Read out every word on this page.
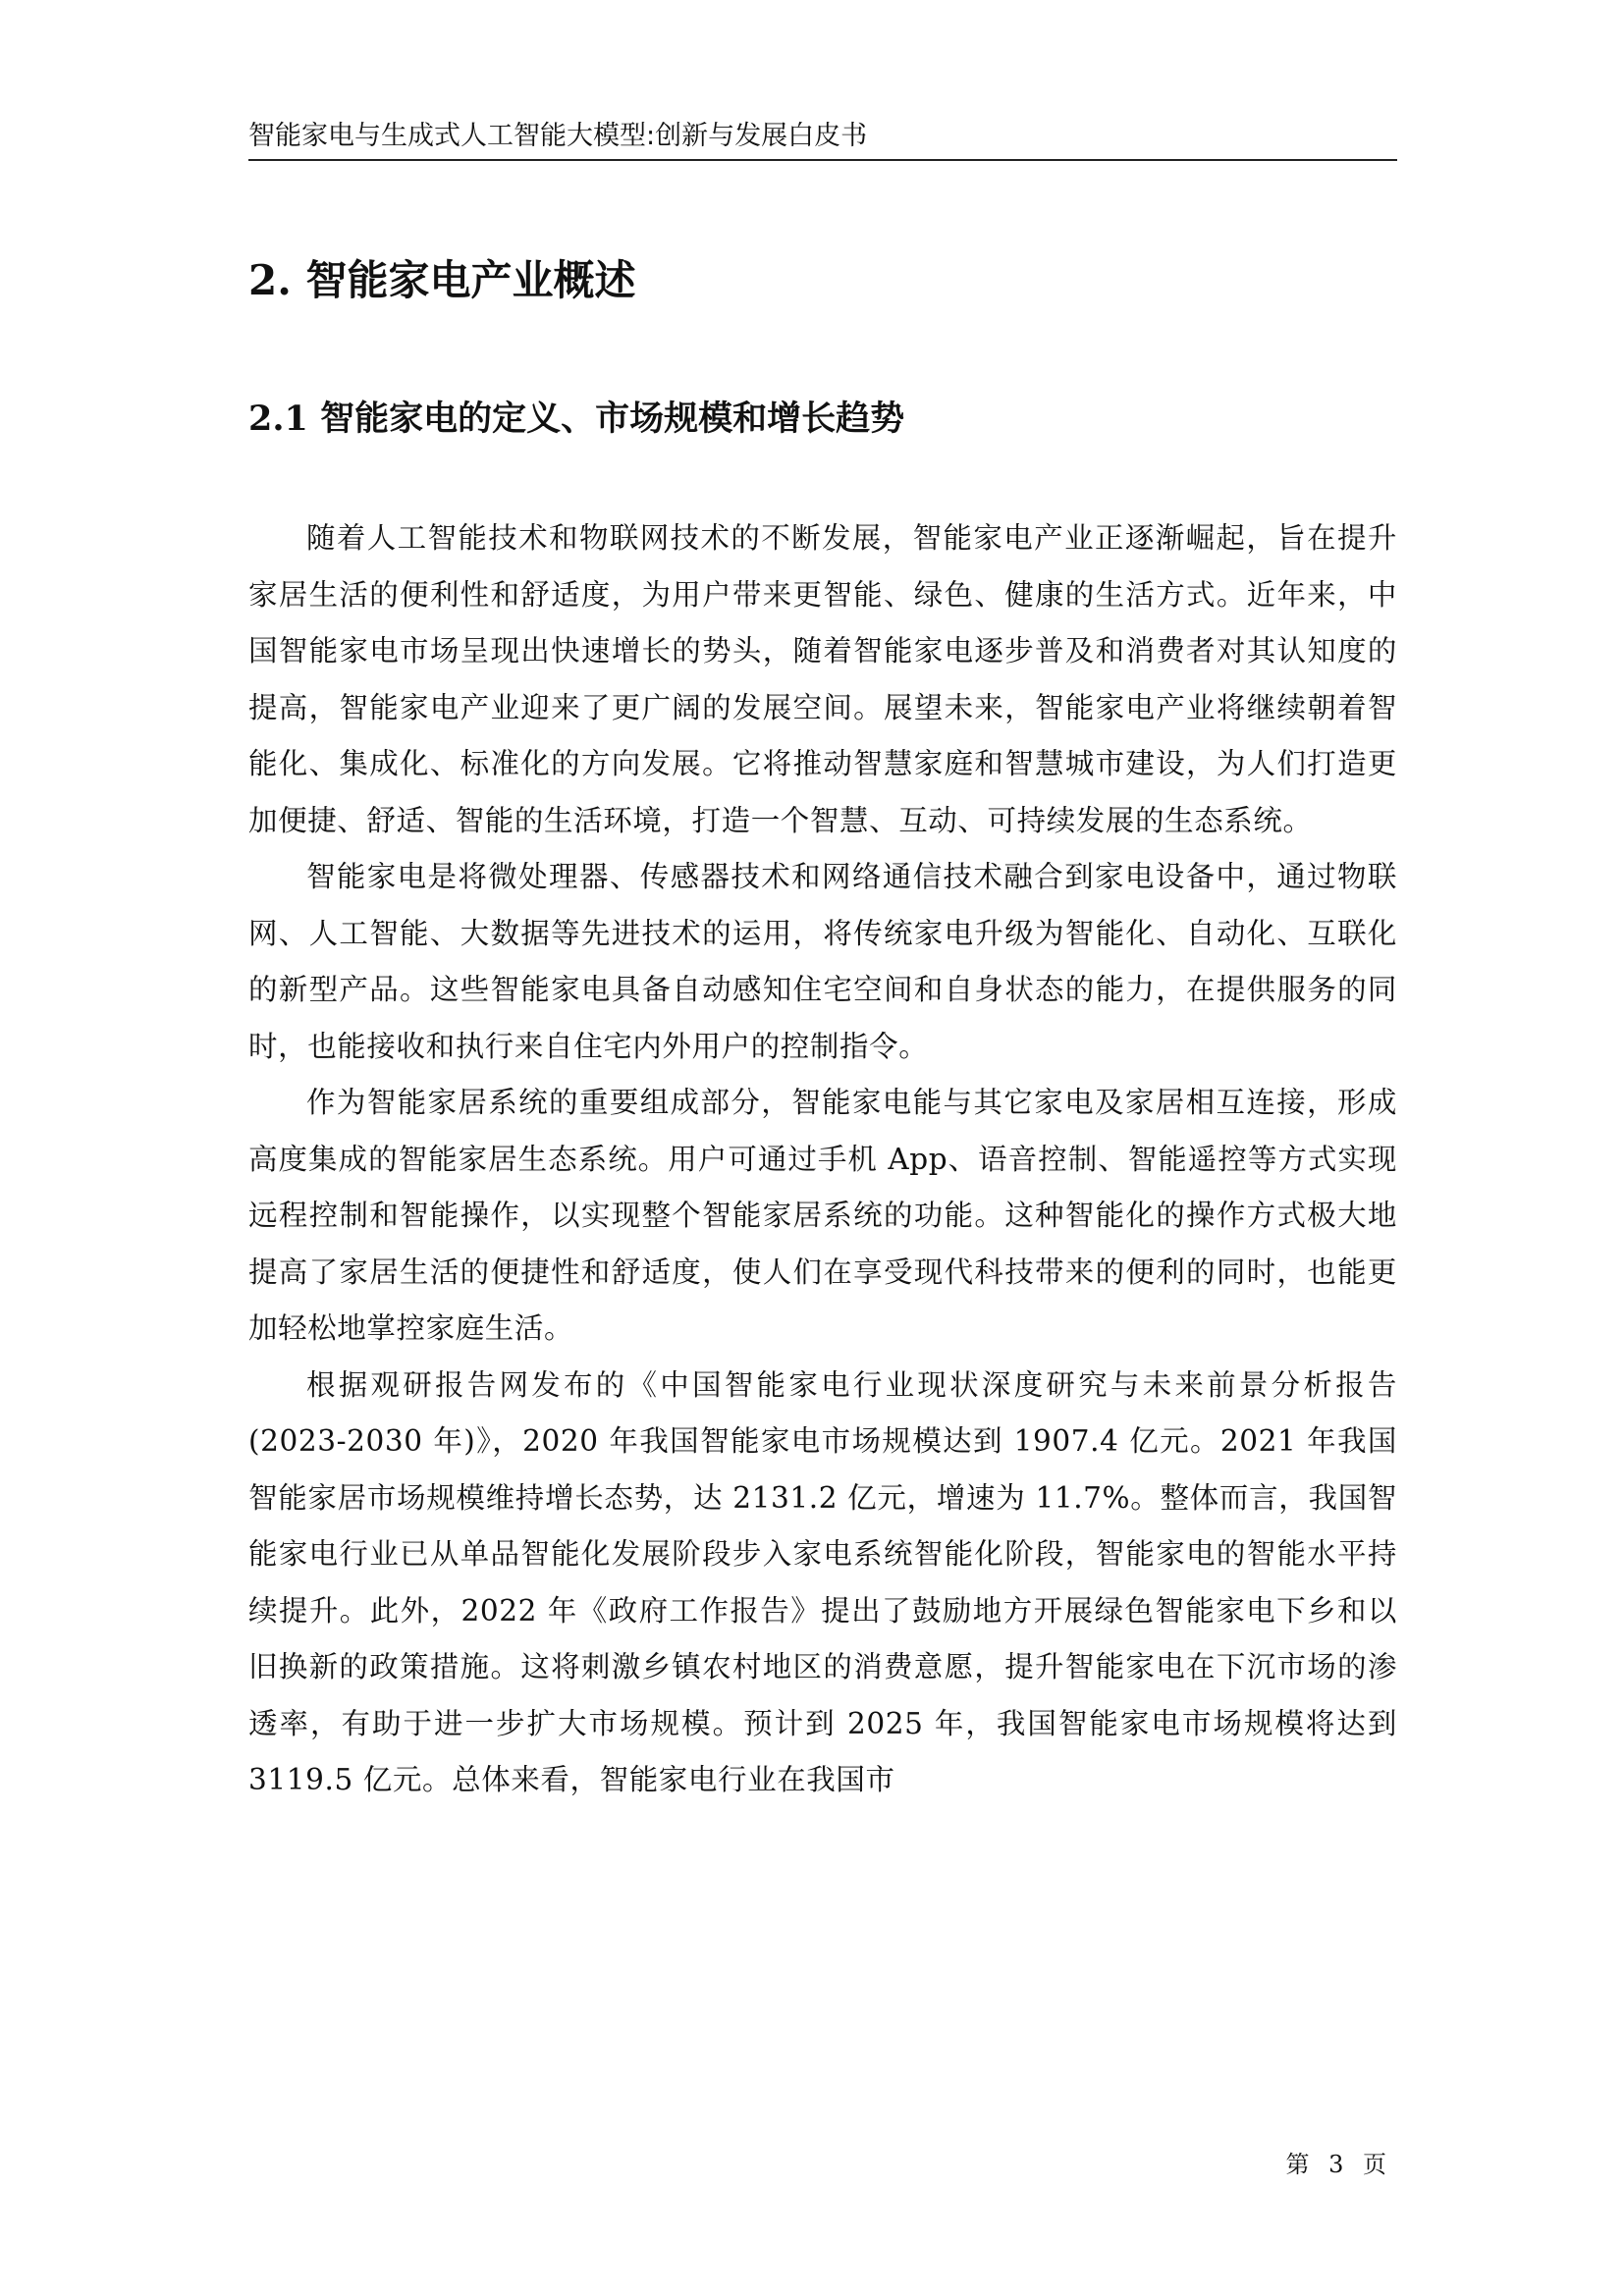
智能家电与生成式人工智能大模型:创新与发展白皮书
2. 智能家电产业概述
2.1 智能家电的定义、市场规模和增长趋势

随着人工智能技术和物联网技术的不断发展，智能家电产业正逐渐崛起，旨在提升家居生活的便利性和舒适度，为用户带来更智能、绿色、健康的生活方式。近年来，中国智能家电市场呈现出快速增长的势头，随着智能家电逐步普及和消费者对其认知度的提高，智能家电产业迎来了更广阔的发展空间。展望未来，智能家电产业将继续朝着智能化、集成化、标准化的方向发展。它将推动智慧家庭和智慧城市建设，为人们打造更加便捷、舒适、智能的生活环境，打造一个智慧、互动、可持续发展的生态系统。

智能家电是将微处理器、传感器技术和网络通信技术融合到家电设备中，通过物联网、人工智能、大数据等先进技术的运用，将传统家电升级为智能化、自动化、互联化的新型产品。这些智能家电具备自动感知住宅空间和自身状态的能力，在提供服务的同时，也能接收和执行来自住宅内外用户的控制指令。

作为智能家居系统的重要组成部分，智能家电能与其它家电及家居相互连接，形成高度集成的智能家居生态系统。用户可通过手机 App、语音控制、智能遥控等方式实现远程控制和智能操作，以实现整个智能家居系统的功能。这种智能化的操作方式极大地提高了家居生活的便捷性和舒适度，使人们在享受现代科技带来的便利的同时，也能更加轻松地掌控家庭生活。

根据观研报告网发布的《中国智能家电行业现状深度研究与未来前景分析报告(2023-2030 年)》，2020 年我国智能家电市场规模达到 1907.4 亿元。2021 年我国智能家居市场规模维持增长态势，达 2131.2 亿元，增速为 11.7%。整体而言，我国智能家电行业已从单品智能化发展阶段步入家电系统智能化阶段，智能家电的智能水平持续提升。此外，2022 年《政府工作报告》提出了鼓励地方开展绿色智能家电下乡和以旧换新的政策措施。这将刺激乡镇农村地区的消费意愿，提升智能家电在下沉市场的渗透率，有助于进一步扩大市场规模。预计到 2025 年，我国智能家电市场规模将达到 3119.5 亿元。总体来看，智能家电行业在我国市

第 3 页
